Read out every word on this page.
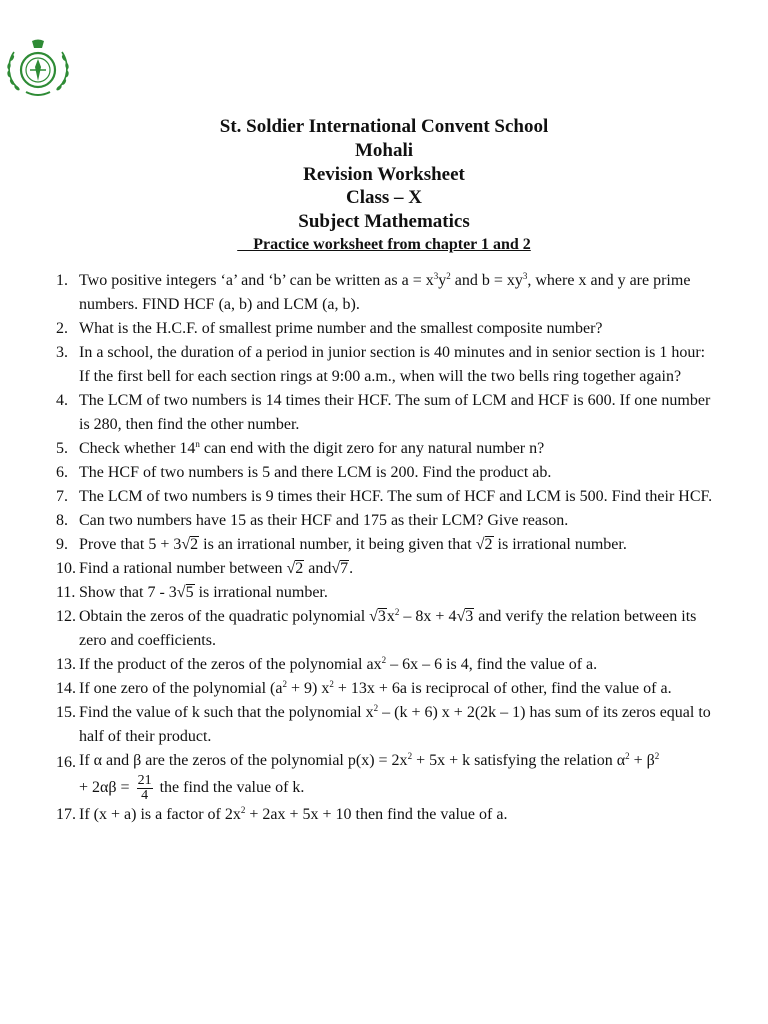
St. Soldier International Convent School
Mohali
Revision Worksheet
Class – X
Subject Mathematics
Practice worksheet from chapter 1 and 2
1. Two positive integers ‘a’ and ‘b’ can be written as $a = x^3y^2$ and $b = xy^3$, where x and y are prime numbers. FIND HCF (a, b) and LCM (a, b).
2. What is the H.C.F. of smallest prime number and the smallest composite number?
3. In a school, the duration of a period in junior section is 40 minutes and in senior section is 1 hour: If the first bell for each section rings at 9:00 a.m., when will the two bells ring together again?
4. The LCM of two numbers is 14 times their HCF. The sum of LCM and HCF is 600. If one number is 280, then find the other number.
5. Check whether 14$^n$ can end with the digit zero for any natural number n?
6. The HCF of two numbers is 5 and there LCM is 200. Find the product ab.
7. The LCM of two numbers is 9 times their HCF. The sum of HCF and LCM is 500. Find their HCF.
8. Can two numbers have 15 as their HCF and 175 as their LCM? Give reason.
9. Prove that 5 + 3√2 is an irrational number, it being given that √2 is irrational number.
10. Find a rational number between √2 and√7.
11. Show that 7 - 3√5 is irrational number.
12. Obtain the zeros of the quadratic polynomial $√3x^2 - 8x + 4√3$ and verify the relation between its zero and coefficients.
13. If the product of the zeros of the polynomial $ax^2 - 6x - 6$ is 4, find the value of a.
14. If one zero of the polynomial $(a^2 + 9) x^2 + 13x + 6a$ is reciprocal of other, find the value of a.
15. Find the value of k such that the polynomial $x^2 - (k + 6) x + 2(2k - 1)$ has sum of its zeros equal to half of their product.
16. If α and β are the zeros of the polynomial $p(x) = 2x^2 + 5x + k$ satisfying the relation $\alpha^2 + \beta^2$
+ $2\alpha\beta = \frac{21}{4}$ the find the value of k.
17. If (x + a) is a factor of $2x^2 + 2ax + 5x + 10$ then find the value of a.
